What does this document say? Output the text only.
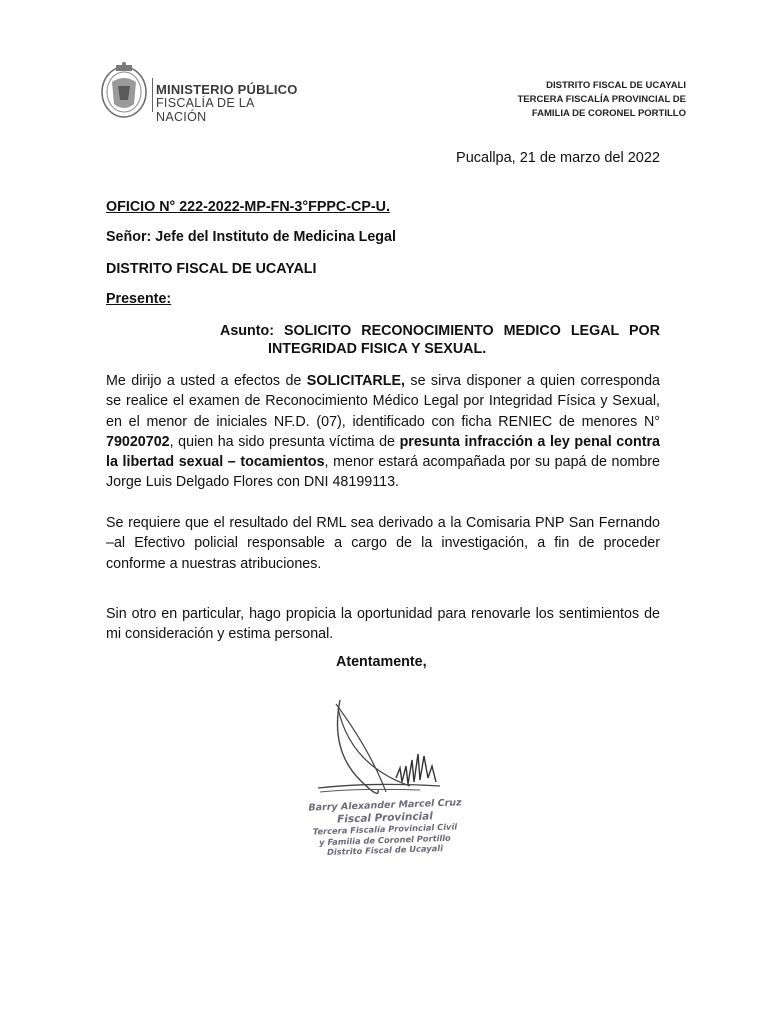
MINISTERIO PÚBLICO
FISCALÍA DE LA NACIÓN
DISTRITO FISCAL DE UCAYALI
TERCERA FISCALÍA PROVINCIAL DE
FAMILIA DE CORONEL PORTILLO
Pucallpa, 21 de marzo del 2022
OFICIO N° 222-2022-MP-FN-3°FPPC-CP-U.
Señor: Jefe del Instituto de Medicina Legal
DISTRITO FISCAL DE UCAYALI
Presente:
Asunto: SOLICITO RECONOCIMIENTO MEDICO LEGAL POR
INTEGRIDAD FISICA Y SEXUAL.
Me dirijo a usted a efectos de SOLICITARLE, se sirva disponer a quien corresponda se realice el examen de Reconocimiento Médico Legal por Integridad Física y Sexual, en el menor de iniciales NF.D. (07), identificado con ficha RENIEC de menores N° 79020702, quien ha sido presunta víctima de presunta infracción a ley penal contra la libertad sexual – tocamientos, menor estará acompañada por su papá de nombre Jorge Luis Delgado Flores con DNI 48199113.
Se requiere que el resultado del RML sea derivado a la Comisaria PNP San Fernando –al Efectivo policial responsable a cargo de la investigación, a fin de proceder conforme a nuestras atribuciones.
Sin otro en particular, hago propicia la oportunidad para renovarle los sentimientos de mi consideración y estima personal.
Atentamente,
Barry Alexander Marcel Cruz
Fiscal Provincial
Tercera Fiscalía Provincial Civil
y Familia de Coronel Portillo
Distrito Fiscal de Ucayali
